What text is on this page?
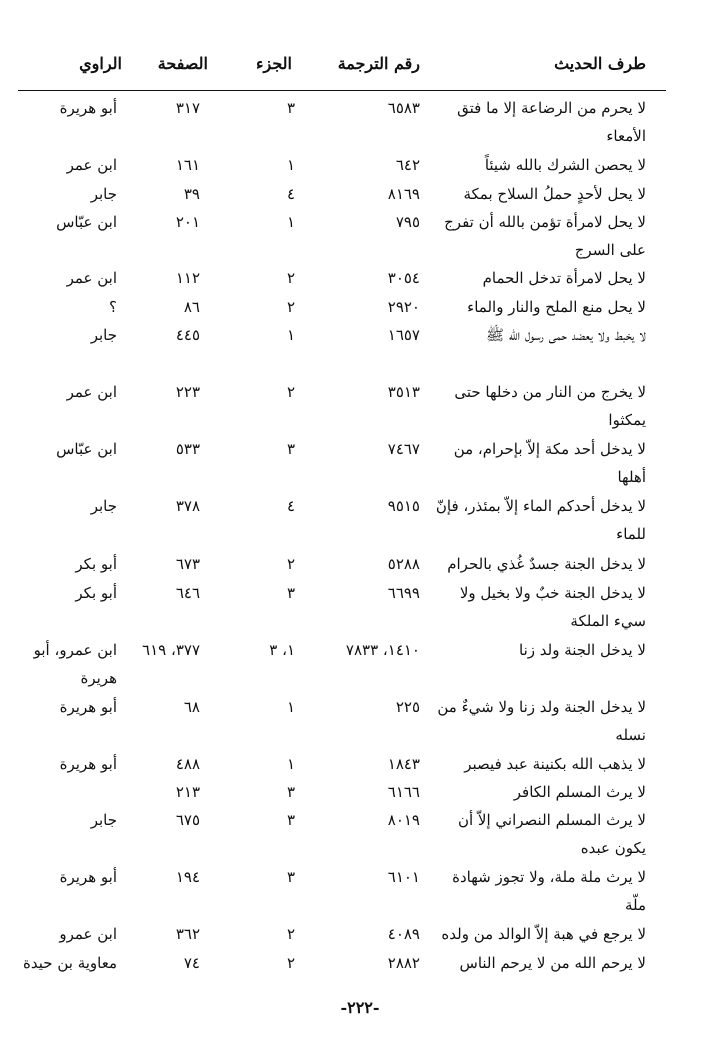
طرف الحديث
رقم الترجمة
الجزء
الصفحة
الراوي
لا يحرم من الرضاعة إلا ما فتق الأمعاء
٦٥٨٣
٣
٣١٧
أبو هريرة
لا يحصن الشرك بالله شيئاً
٦٤٢
١
١٦١
ابن عمر
لا يحل لأحدٍ حملُ السلاح بمكة
٨١٦٩
٤
٣٩
جابر
لا يحل لامرأة تؤمن بالله أن تفرج على السرج
٧٩٥
١
٢٠١
ابن عبّاس
لا يحل لامرأة تدخل الحمام
٣٠٥٤
٢
١١٢
ابن عمر
لا يحل منع الملح والنار والماء
٢٩٢٠
٢
٨٦
؟
لا يخبط ولا يعضد حمى رسول الله ﷺ
١٦٥٧
١
٤٤٥
جابر
لا يخرج من النار من دخلها حتى يمكثوا
٣٥١٣
٢
٢٢٣
ابن عمر
لا يدخل أحد مكة إلاّ بإحرام، من أهلها
٧٤٦٧
٣
٥٣٣
ابن عبّاس
لا يدخل أحدكم الماء إلاّ بمئذر، فإنّ للماء
٩٥١٥
٤
٣٧٨
جابر
لا يدخل الجنة جسدٌ غُذي بالحرام
٥٢٨٨
٢
٦٧٣
أبو بكر
لا يدخل الجنة خبٌ ولا بخيل ولا سيء الملكة
٦٦٩٩
٣
٦٤٦
أبو بكر
لا يدخل الجنة ولد زنا
١٤١٠، ٧٨٣٣
١، ٣
٣٧٧، ٦١٩
ابن عمرو، أبو هريرة
لا يدخل الجنة ولد زنا ولا شيءٌ من نسله
٢٢٥
١
٦٨
أبو هريرة
لا يذهب الله بكنينة عبد فيصبر
١٨٤٣
١
٤٨٨
أبو هريرة
لا يرث المسلم الكافر
٦١٦٦
٣
٢١٣
لا يرث المسلم النصراني إلاّ أن يكون عبده
٨٠١٩
٣
٦٧٥
جابر
لا يرث ملة ملة، ولا تجوز شهادة ملّة
٦١٠١
٣
١٩٤
أبو هريرة
لا يرجع في هبة إلاّ الوالد من ولده
٤٠٨٩
٢
٣٦٢
ابن عمرو
لا يرحم الله من لا يرحم الناس
٢٨٨٢
٢
٧٤
معاوية بن حيدة
-٢٢٢-
